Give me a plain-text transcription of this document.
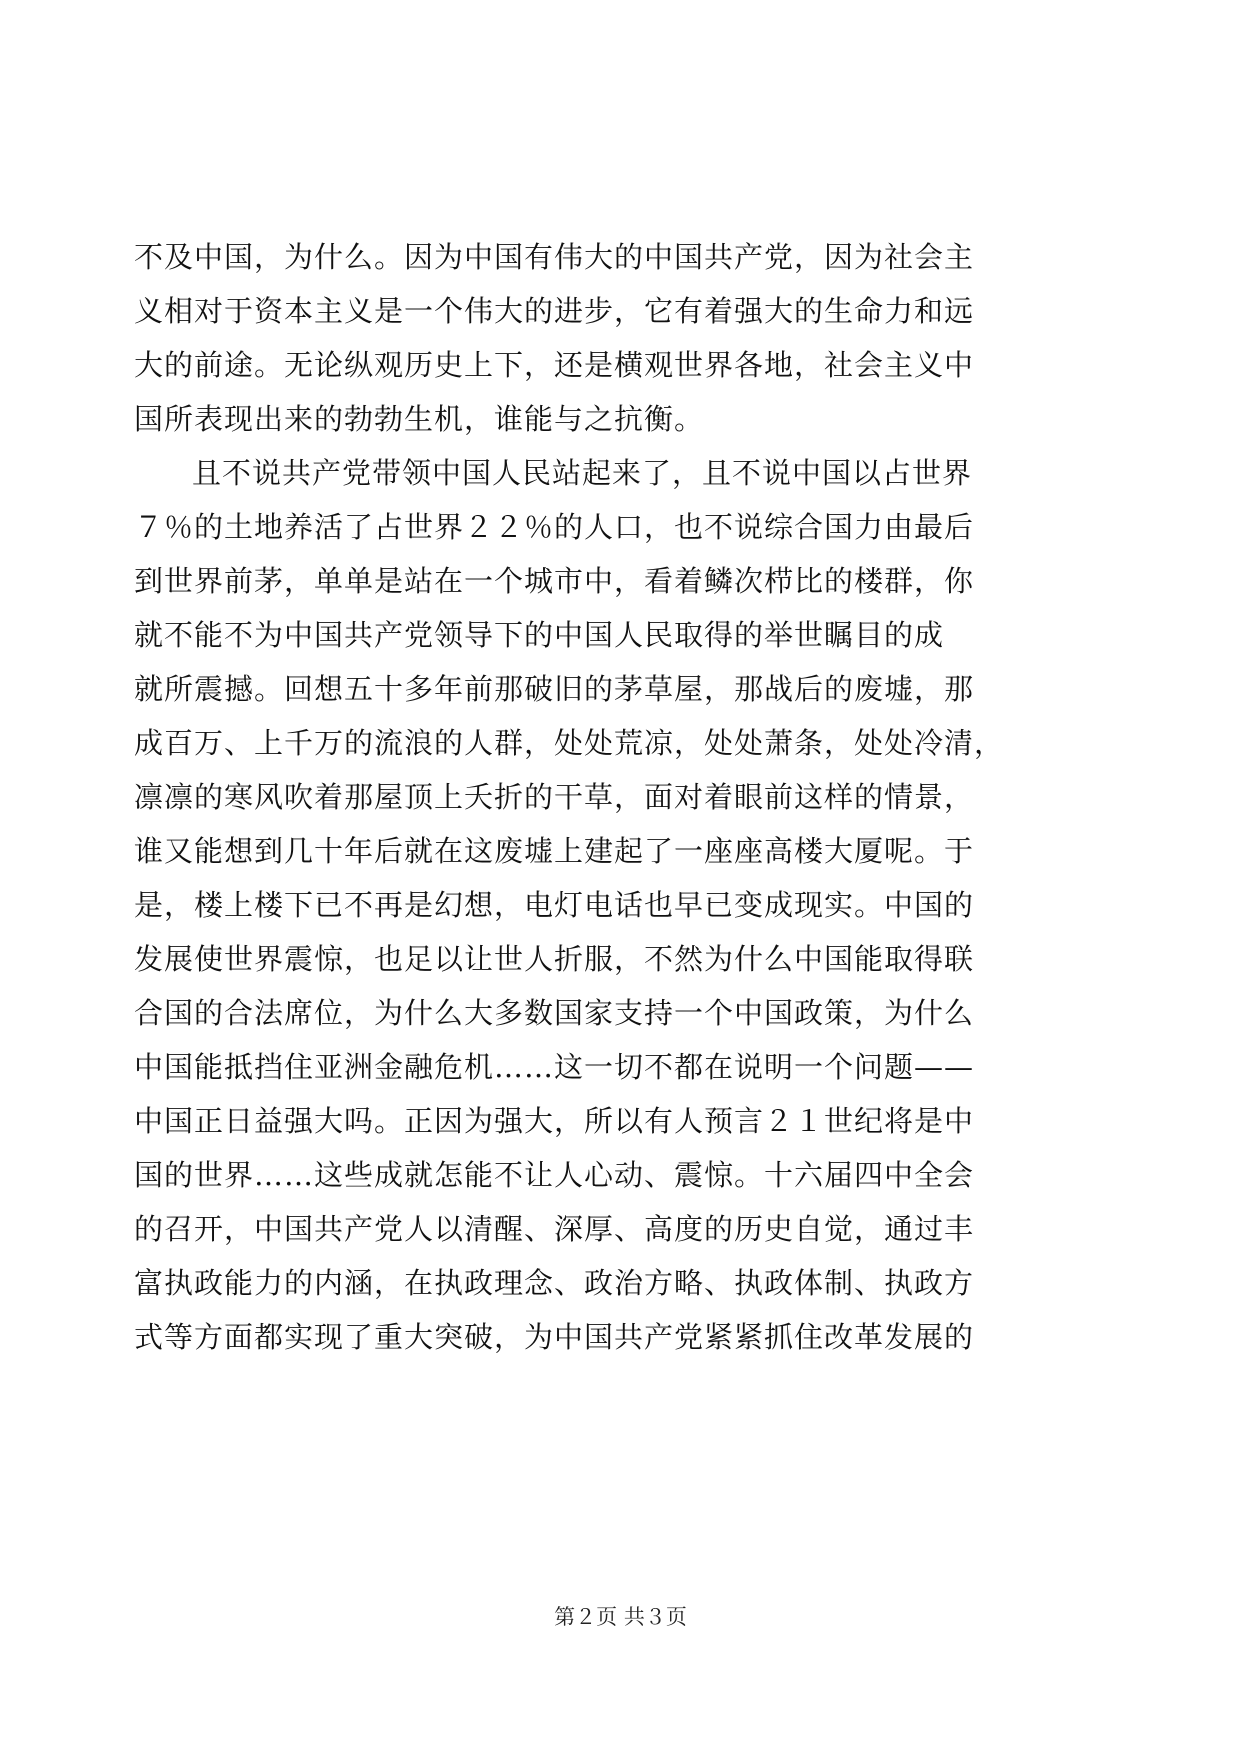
不及中国，为什么。因为中国有伟大的中国共产党，因为社会主
义相对于资本主义是一个伟大的进步，它有着强大的生命力和远
大的前途。无论纵观历史上下，还是横观世界各地，社会主义中
国所表现出来的勃勃生机，谁能与之抗衡。
且不说共产党带领中国人民站起来了，且不说中国以占世界
７％的土地养活了占世界２２％的人口，也不说综合国力由最后
到世界前茅，单单是站在一个城市中，看着鳞次栉比的楼群，你
就不能不为中国共产党领导下的中国人民取得的举世瞩目的成
就所震撼。回想五十多年前那破旧的茅草屋，那战后的废墟，那
成百万、上千万的流浪的人群，处处荒凉，处处萧条，处处冷清，
凛凛的寒风吹着那屋顶上夭折的干草，面对着眼前这样的情景，
谁又能想到几十年后就在这废墟上建起了一座座高楼大厦呢。于
是，楼上楼下已不再是幻想，电灯电话也早已变成现实。中国的
发展使世界震惊，也足以让世人折服，不然为什么中国能取得联
合国的合法席位，为什么大多数国家支持一个中国政策，为什么
中国能抵挡住亚洲金融危机……这一切不都在说明一个问题——
中国正日益强大吗。正因为强大，所以有人预言２１世纪将是中
国的世界……这些成就怎能不让人心动、震惊。十六届四中全会
的召开，中国共产党人以清醒、深厚、高度的历史自觉，通过丰
富执政能力的内涵，在执政理念、政治方略、执政体制、执政方
式等方面都实现了重大突破，为中国共产党紧紧抓住改革发展的
第２页 共３页
